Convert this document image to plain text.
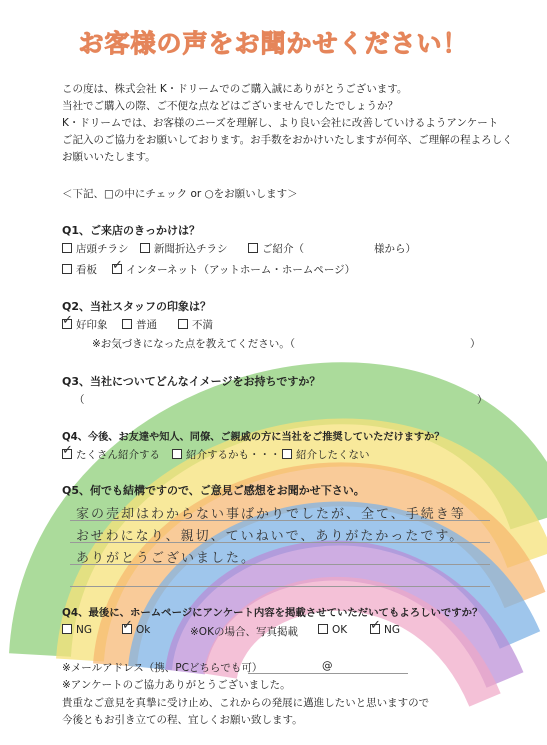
お客様の声をお聞かせください！
この度は、株式会社 K・ドリームでのご購入誠にありがとうございます。
当社でご購入の際、ご不便な点などはございませんでしたでしょうか？
K・ドリームでは、お客様のニーズを理解し、より良い会社に改善していけるようアンケート
ご記入のご協力をお願いしております。お手数をおかけいたしますが何卒、ご理解の程よろしく
お願いいたします。
＜下記、□の中にチェック or ○をお願いします＞
Q1、ご来店のきっかけは？
店頭チラシ	新聞折込チラシ	ご紹介（	様から）
看板 ✓	インターネット（アットホーム・ホームページ）
Q2、当社スタッフの印象は？
✓好印象	普通	不満
※お気づきになった点を教えてください。（	）
Q3、当社についてどんなイメージをお持ちですか？
（	）
Q4、今後、お友達や知人、同僚、ご親戚の方に当社をご推奨していただけますか？
✓たくさん紹介する	紹介するかも・・・	紹介したくない
Q5、何でも結構ですので、ご意見ご感想をお聞かせ下さい。
家の売却はわからない事ばかりでしたが、全て、手続き等
おせわになり、親切、ていねいで、ありがたかったです。
ありがとうございました。
Q4、最後に、ホームページにアンケート内容を掲載させていただいてもよろしいですか？
NG ✓	Ok	※OKの場合、写真掲載	OK ✓	NG
※メールアドレス（携、PCどちらでも可）	@
※アンケートのご協力ありがとうございました。
貴重なご意見を真摯に受け止め、これからの発展に邁進したいと思いますので
今後ともお引き立ての程、宜しくお願い致します。
